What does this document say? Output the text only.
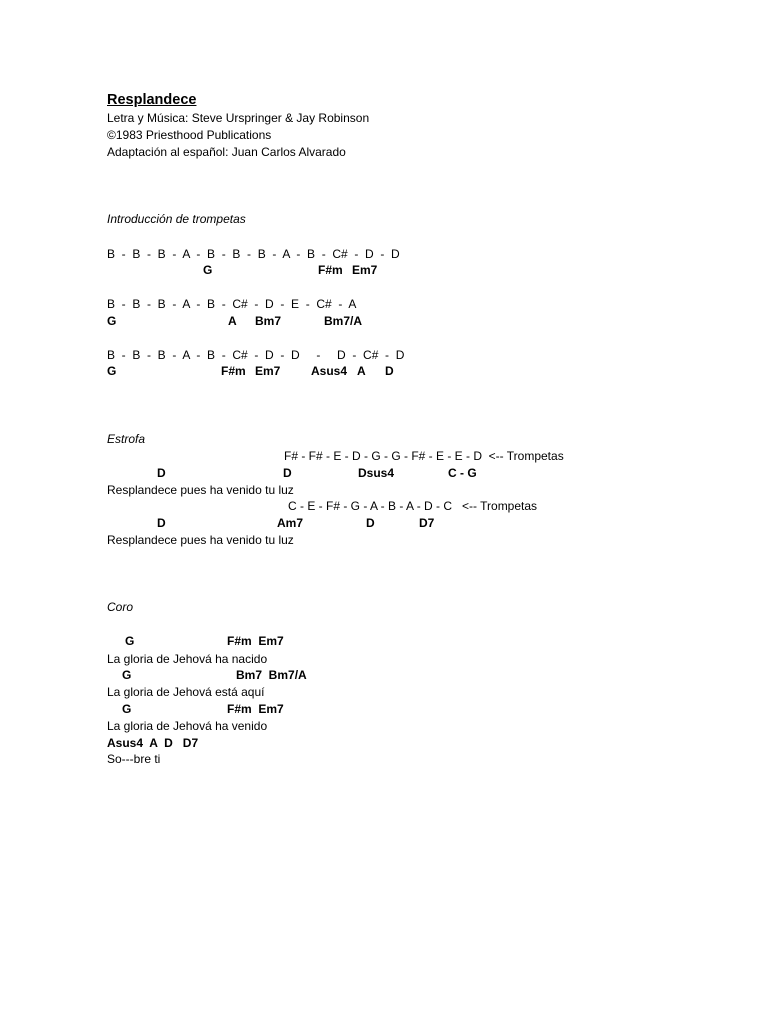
Resplandece
Letra y Música: Steve Urspringer & Jay Robinson
©1983 Priesthood Publications
Adaptación al español: Juan Carlos Alvarado
Introducción de trompetas
B  -  B  -  B  -  A  -  B  -  B  -  B  -  A  -  B  -  C#  -  D  -  D
G	F#m Em7
B  -  B  -  B  -  A  -  B  -  C#  -  D  -  E  -  C#  -  A
G	A Bm7	Bm7/A
B  -  B  -  B  -  A  -  B  -  C#  -  D  -  D     -     D  -  C#  -  D
G	F#m Em7	Asus4 A D
Estrofa
F# - F# - E - D - G - G - F# - E - E - D  <-- Trompetas
D	D	Dsus4	C - G
Resplandece pues ha venido tu luz
C - E - F# - G - A - B - A - D - C   <-- Trompetas
D	Am7	D	D7
Resplandece pues ha venido tu luz
Coro
G	F#m  Em7
La gloria de Jehová ha nacido
G	Bm7  Bm7/A
La gloria de Jehová está aquí
G	F#m  Em7
La gloria de Jehová ha venido
Asus4  A  D   D7
So---bre ti
